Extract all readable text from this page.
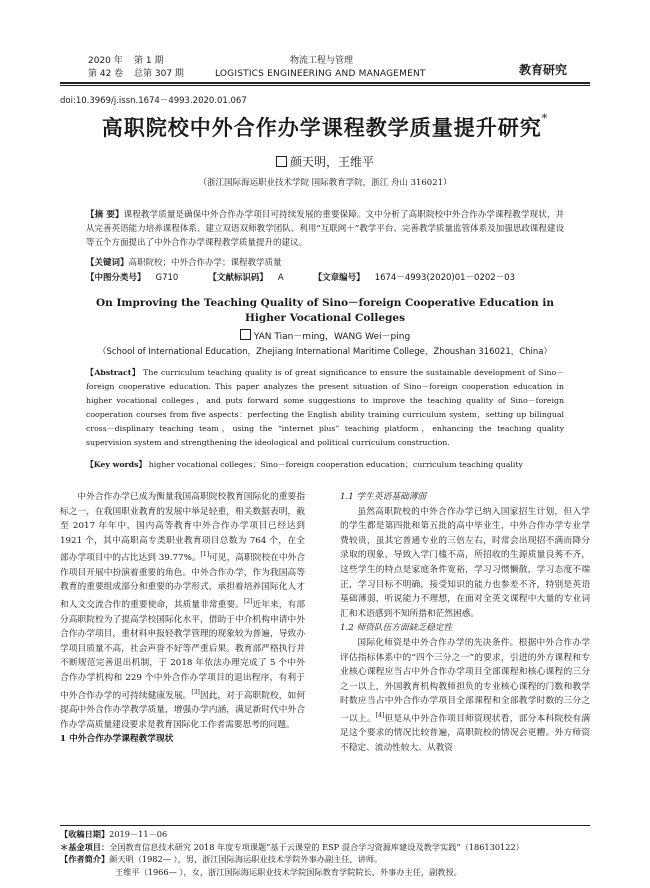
2020 年 第 1 期
第 42 卷 总第 307 期
物流工程与管理
LOGISTICS ENGINEERING AND MANAGEMENT	教育研究
doi:10.3969/j.issn.1674－4993.2020.01.067
高职院校中外合作办学课程教学质量提升研究*
颜天明，王维平
（浙江国际海运职业技术学院 国际教育学院，浙江 舟山 316021）
【摘 要】课程教学质量是确保中外合作办学项目可持续发展的重要保障。文中分析了高职院校中外合作办学课程教学现状，并从完善英语能力培养课程体系、建立双语双师教学团队、利用“互联网＋”教学平台、完善教学质量监管体系及加强思政课程建设等五个方面提出了中外合作办学课程教学质量提升的建议。
【关键词】高职院校；中外合作办学；课程教学质量
【中图分类号】 G710	【文献标识码】 A	【文章编号】 1674－4993(2020)01－0202－03
On Improving the Teaching Quality of Sino－foreign Cooperative Education in
Higher Vocational Colleges
YAN Tian－ming，WANG Wei－ping
（School of International Education，Zhejiang International Maritime College，Zhoushan 316021，China）
【Abstract】 The curriculum teaching quality is of great significance to ensure the sustainable development of Sino－foreign cooperative education. This paper analyzes the present situation of Sino－foreign cooperation education in higher vocational colleges，and puts forward some suggestions to improve the teaching quality of Sino－foreign cooperation courses from five aspects：perfecting the English ability training curriculum system，setting up bilingual cross－displinary teaching team，using the “internet plus” teaching platform，enhancing the teaching quality supervision system and strengthening the ideological and political curriculum construction.
【Key words】 higher vocational colleges；Sino－foreign cooperation education；curriculum teaching quality

中外合作办学已成为衡量我国高职院校教育国际化的重要指标之一，在我国职业教育的发展中举足轻重，相关数据表明，截至 2017 年年中，国内高等教育中外合作办学项目已经达到 1921 个，其中高职高专类职业教育项目总数为 764 个，在全部办学项目中的占比达到 39.77%。[1]可见，高职院校在中外合作项目开展中扮演着重要的角色。中外合作办学，作为我国高等教育的重要组成部分和重要的办学形式，承担着培养国际化人才和人文交流合作的重要使命，其质量非常重要。[2]近年来，有部分高职院校为了提高学校国际化水平，借助于中介机构申请中外合作办学项目，重材料申报轻教学管理的现象较为普遍，导致办学项目质量不高，社会声誉不好等严重后果。教育部严格执行并不断规范完善退出机制，于 2018 年依法办理完成了 5 个中外合作办学机构和 229 个中外合作办学项目的退出程序，有利于中外合作办学的可持续健康发展。[3]因此，对于高职院校，如何提高中外合作办学教学质量，增强办学内涵，满足新时代中外合作办学高质量建设要求是教育国际化工作者需要思考的问题。

1 中外合作办学课程教学现状

1.1 学生英语基础薄弱

虽然高职院校的中外合作办学已纳入国家招生计划，但入学的学生都是第四批和第五批的高中毕业生，中外合作办学专业学费较贵，虽其它普通专业的三倍左右，时常会出现招不满而降分录取的现象，导致入学门槛不高，所招收的生源质量良莠不齐，这些学生的特点是家庭条件宽裕，学习习惯懒散，学习态度不端正，学习目标不明确，接受知识的能力也参差不齐，特别是英语基础薄弱，听说能力不理想，在面对全英文课程中大量的专业词汇和术语感到不知所措和茫然困惑。

1.2 师资队伍方面缺乏稳定性

国际化师资是中外合作办学的先决条件。根据中外合作办学评估指标体系中的“四个三分之一”的要求，引进的外方课程和专业核心课程应当占中外合作办学项目全部课程和核心课程的三分之一以上，外国教育机构教师担负的专业核心课程的门数和教学时数应当占中外合作办学项目全部课程和全部教学时数的三分之一以上。[4]但是从中外合作项目师资现状看，部分本科院校有满足这个要求的情况比较普遍，高职院校的情况会更糟。外方师资不稳定、流动性较大、从教资

【收稿日期】2019－11－06
＊基金项目：全国教育信息技术研究 2018 年度专项课题“基于云课堂的 ESP 混合学习资源库建设及教学实践”（186130122）
【作者简介】颜天明（1982— ），男，浙江国际海运职业技术学院外事办副主任，讲师。
王维平（1966— ），女，浙江国际海运职业技术学院国际教育学院院长、外事办主任，副教授。
